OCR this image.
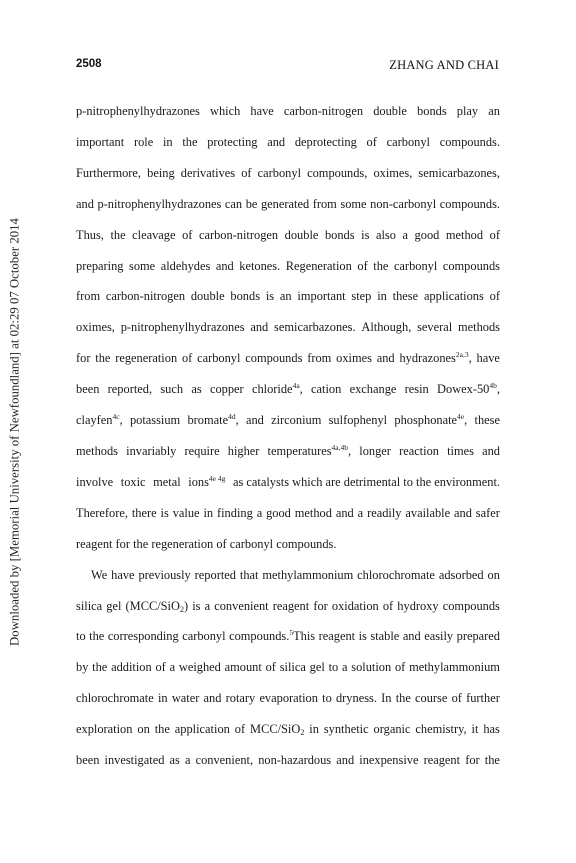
Downloaded by [Memorial University of Newfoundland] at 02:29 07 October 2014
2508	ZHANG AND CHAI
p-nitrophenylhydrazones which have carbon-nitrogen double bonds play an
important role in the protecting and deprotecting of carbonyl compounds.
Furthermore, being derivatives of carbonyl compounds, oximes, semicarbazones,
and p-nitrophenylhydrazones can be generated from some non-carbonyl compounds.
Thus, the cleavage of carbon-nitrogen double bonds is also a good method of
preparing some aldehydes and ketones. Regeneration of the carbonyl compounds
from carbon-nitrogen double bonds is an important step in these applications of
oximes, p-nitrophenylhydrazones and semicarbazones. Although, several methods
for the regeneration of carbonyl compounds from oximes and hydrazones$^{2a,3}$, have
been reported, such as copper chloride$^{4a}$, cation exchange resin Dowex-$50^{4b}$,
clayfen$^{4c}$, potassium bromate$^{4d}$, and zirconium sulfophenyl phosphonate$^{4e}$, these
methods invariably require higher temperatures$^{4a,4b}$, longer reaction times and
involve toxic metal ions$^{4e 4g}$ as catalysts which are detrimental to the environment.
Therefore, there is value in finding a good method and a readily available and safer
reagent for the regeneration of carbonyl compounds.
We have previously reported that methylammonium chlorochromate adsorbed on
silica gel (MCC/SiO$_2$) is a convenient reagent for oxidation of hydroxy compounds
to the corresponding carbonyl compounds.$^5$This reagent is stable and easily prepared
by the addition of a weighed amount of silica gel to a solution of methylammonium
chlorochromate in water and rotary evaporation to dryness. In the course of further
exploration on the application of MCC/SiO$_2$ in synthetic organic chemistry, it has
been investigated as a convenient, non-hazardous and inexpensive reagent for the
